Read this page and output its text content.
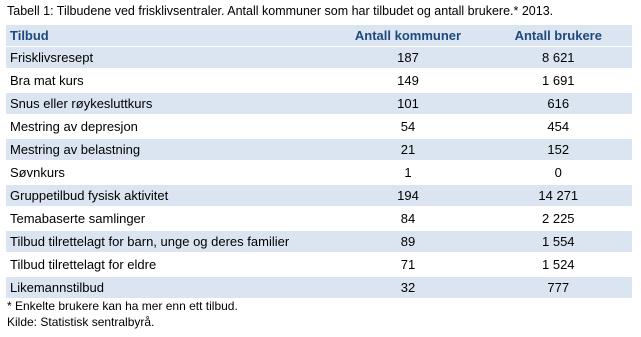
Tabell 1: Tilbudene ved frisklivsentraler. Antall kommuner som har tilbudet og antall brukere.* 2013.
Tilbud	Antall kommuner	Antall brukere
Frisklivsresept	187	8 621
Bra mat kurs	149	1 691
Snus eller røykesluttkurs	101	616
Mestring av depresjon	54	454
Mestring av belastning	21	152
Søvnkurs	1	0
Gruppetilbud fysisk aktivitet	194	14 271
Temabaserte samlinger	84	2 225
Tilbud tilrettelagt for barn, unge og deres familier	89	1 554
Tilbud tilrettelagt for eldre	71	1 524
Likemannstilbud	32	777
* Enkelte brukere kan ha mer enn ett tilbud.
Kilde: Statistisk sentralbyrå.
